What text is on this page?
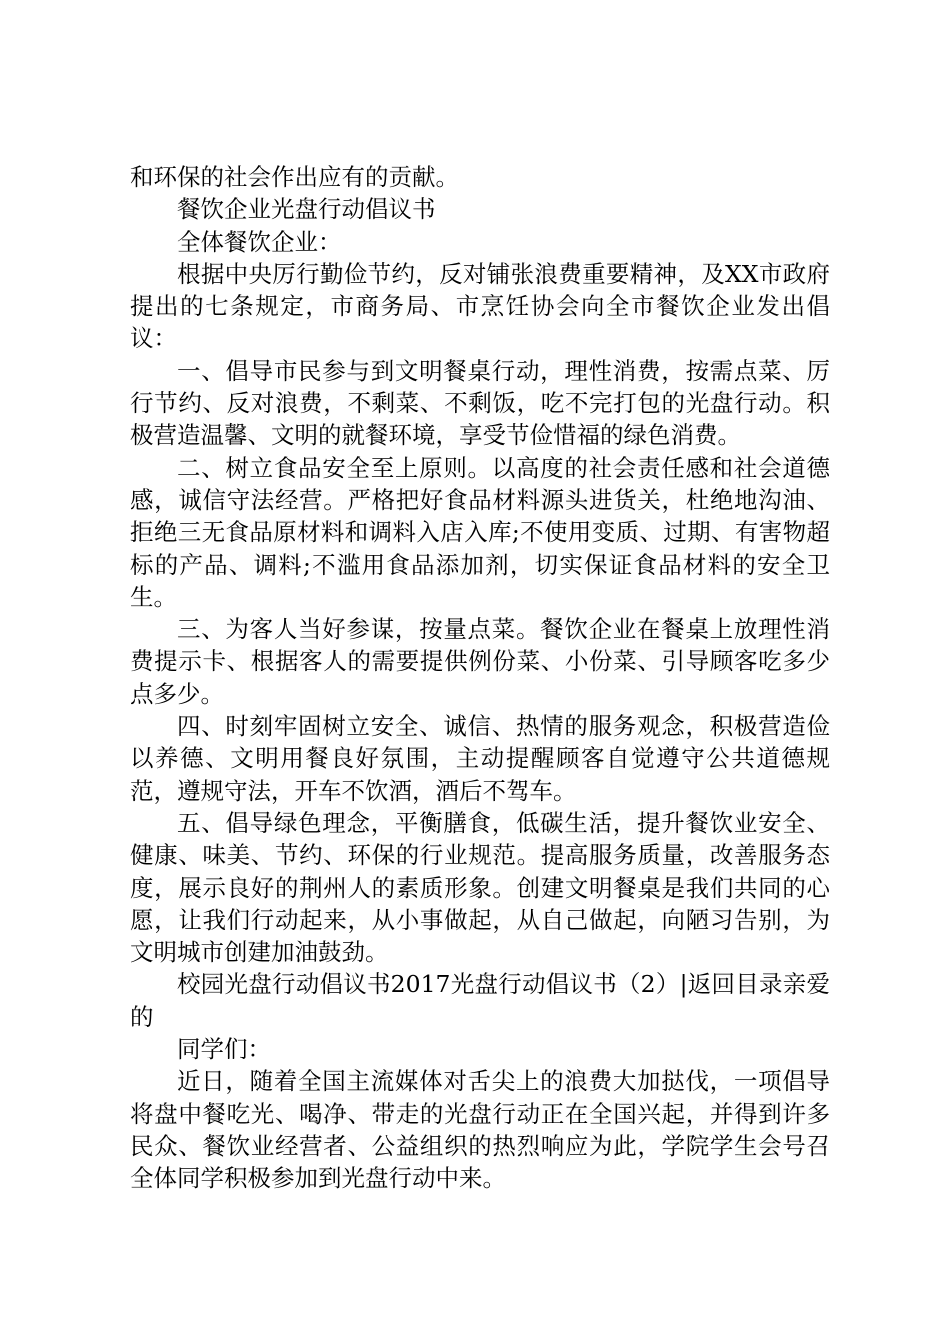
和环保的社会作出应有的贡献。

餐饮企业光盘行动倡议书

全体餐饮企业：

根据中央厉行勤俭节约，反对铺张浪费重要精神，及XX市政府提出的七条规定，市商务局、市烹饪协会向全市餐饮企业发出倡议：

一、倡导市民参与到文明餐桌行动，理性消费，按需点菜、厉行节约、反对浪费，不剩菜、不剩饭，吃不完打包的光盘行动。积极营造温馨、文明的就餐环境，享受节俭惜福的绿色消费。

二、树立食品安全至上原则。以高度的社会责任感和社会道德感，诚信守法经营。严格把好食品材料源头进货关，杜绝地沟油、拒绝三无食品原材料和调料入店入库;不使用变质、过期、有害物超标的产品、调料;不滥用食品添加剂，切实保证食品材料的安全卫生。

三、为客人当好参谋，按量点菜。餐饮企业在餐桌上放理性消费提示卡、根据客人的需要提供例份菜、小份菜、引导顾客吃多少点多少。

四、时刻牢固树立安全、诚信、热情的服务观念，积极营造俭以养德、文明用餐良好氛围，主动提醒顾客自觉遵守公共道德规范，遵规守法，开车不饮酒，酒后不驾车。

五、倡导绿色理念，平衡膳食，低碳生活，提升餐饮业安全、健康、味美、节约、环保的行业规范。提高服务质量，改善服务态度，展示良好的荆州人的素质形象。创建文明餐桌是我们共同的心愿，让我们行动起来，从小事做起，从自己做起，向陋习告别，为文明城市创建加油鼓劲。

校园光盘行动倡议书2017光盘行动倡议书（2）|返回目录亲爱的

同学们：

近日，随着全国主流媒体对舌尖上的浪费大加挞伐，一项倡导将盘中餐吃光、喝净、带走的光盘行动正在全国兴起，并得到许多民众、餐饮业经营者、公益组织的热烈响应为此，学院学生会号召全体同学积极参加到光盘行动中来。
